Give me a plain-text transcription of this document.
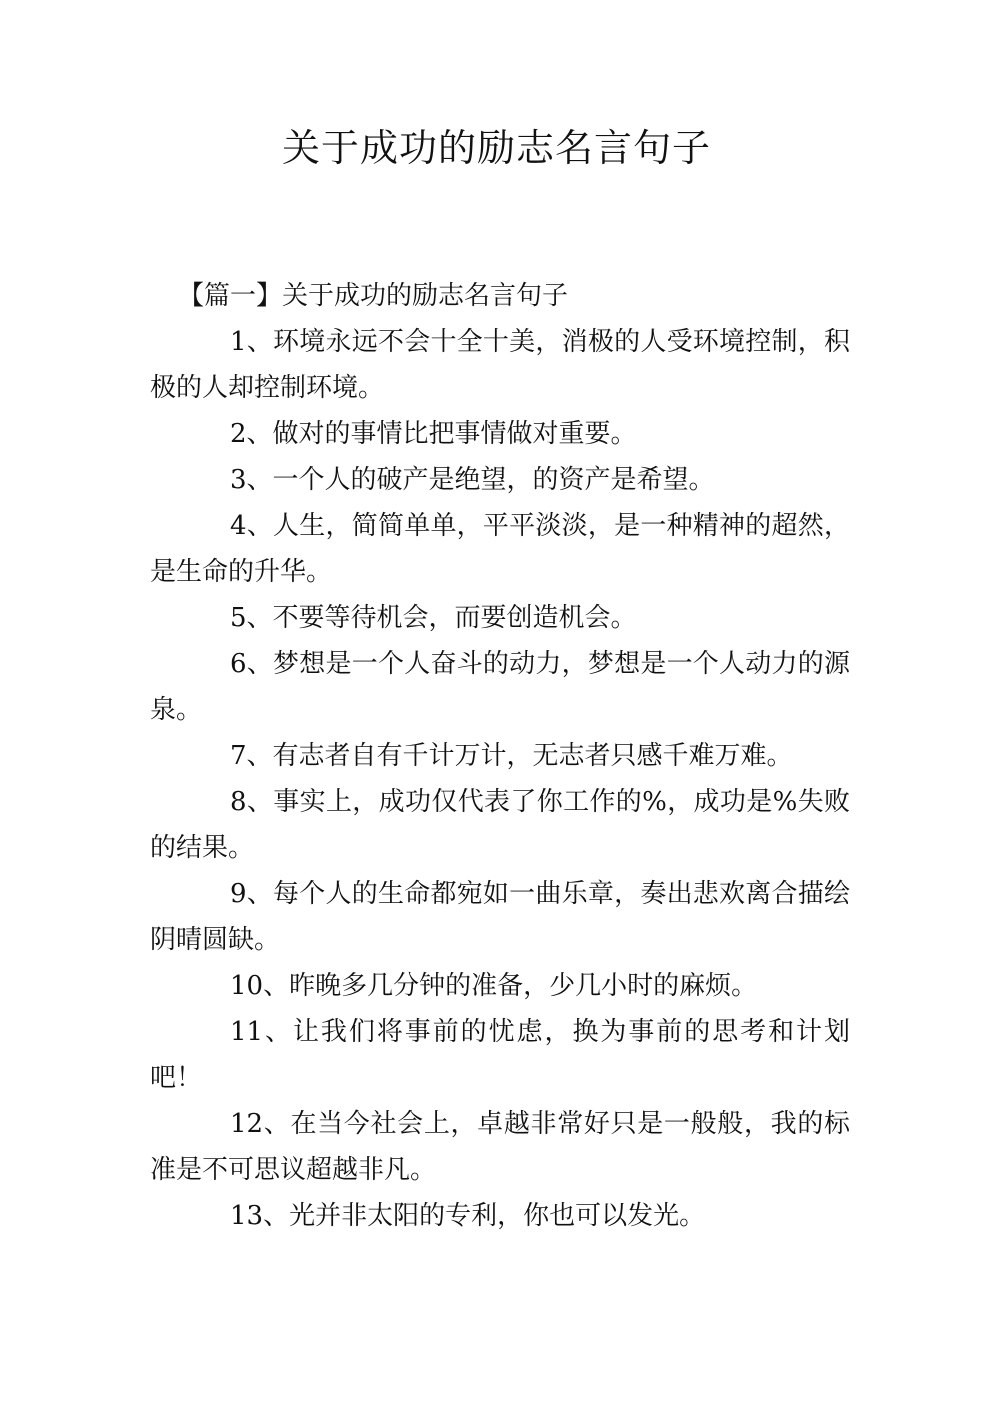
关于成功的励志名言句子

【篇一】关于成功的励志名言句子

1、环境永远不会十全十美，消极的人受环境控制，积极的人却控制环境。

2、做对的事情比把事情做对重要。

3、一个人的破产是绝望，的资产是希望。

4、人生，简简单单，平平淡淡，是一种精神的超然，是生命的升华。

5、不要等待机会，而要创造机会。

6、梦想是一个人奋斗的动力，梦想是一个人动力的源泉。

7、有志者自有千计万计，无志者只感千难万难。

8、事实上，成功仅代表了你工作的%，成功是%失败的结果。

9、每个人的生命都宛如一曲乐章，奏出悲欢离合描绘阴晴圆缺。

10、昨晚多几分钟的准备，少几小时的麻烦。

11、让我们将事前的忧虑，换为事前的思考和计划吧！

12、在当今社会上，卓越非常好只是一般般，我的标准是不可思议超越非凡。

13、光并非太阳的专利，你也可以发光。
